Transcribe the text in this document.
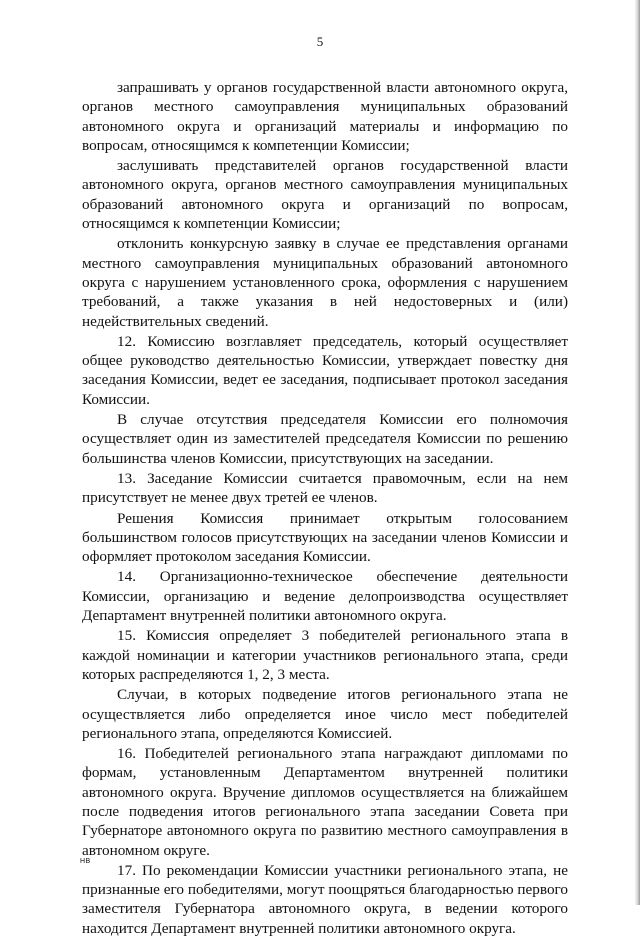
5

запрашивать у органов государственной власти автономного округа, органов местного самоуправления муниципальных образований автономного округа и организаций материалы и информацию по вопросам, относящимся к компетенции Комиссии;

заслушивать представителей органов государственной власти автономного округа, органов местного самоуправления муниципальных образований автономного округа и организаций по вопросам, относящимся к компетенции Комиссии;

отклонить конкурсную заявку в случае ее представления органами местного самоуправления муниципальных образований автономного округа с нарушением установленного срока, оформления с нарушением требований, а также указания в ней недостоверных и (или) недействительных сведений.

12. Комиссию возглавляет председатель, который осуществляет общее руководство деятельностью Комиссии, утверждает повестку дня заседания Комиссии, ведет ее заседания, подписывает протокол заседания Комиссии.

В случае отсутствия председателя Комиссии его полномочия осуществляет один из заместителей председателя Комиссии по решению большинства членов Комиссии, присутствующих на заседании.

13. Заседание Комиссии считается правомочным, если на нем присутствует не менее двух третей ее членов.

Решения Комиссия принимает открытым голосованием большинством голосов присутствующих на заседании членов Комиссии и оформляет протоколом заседания Комиссии.

14. Организационно-техническое обеспечение деятельности Комиссии, организацию и ведение делопроизводства осуществляет Департамент внутренней политики автономного округа.

15. Комиссия определяет 3 победителей регионального этапа в каждой номинации и категории участников регионального этапа, среди которых распределяются 1, 2, 3 места.

Случаи, в которых подведение итогов регионального этапа не осуществляется либо определяется иное число мест победителей регионального этапа, определяются Комиссией.

16. Победителей регионального этапа награждают дипломами по формам, установленным Департаментом внутренней политики автономного округа. Вручение дипломов осуществляется на ближайшем после подведения итогов регионального этапа заседании Совета при Губернаторе автономного округа по развитию местного самоуправления в автономном округе.

17. По рекомендации Комиссии участники регионального этапа, не признанные его победителями, могут поощряться благодарностью первого заместителя Губернатора автономного округа, в ведении которого находится Департамент внутренней политики автономного округа.

НВ
